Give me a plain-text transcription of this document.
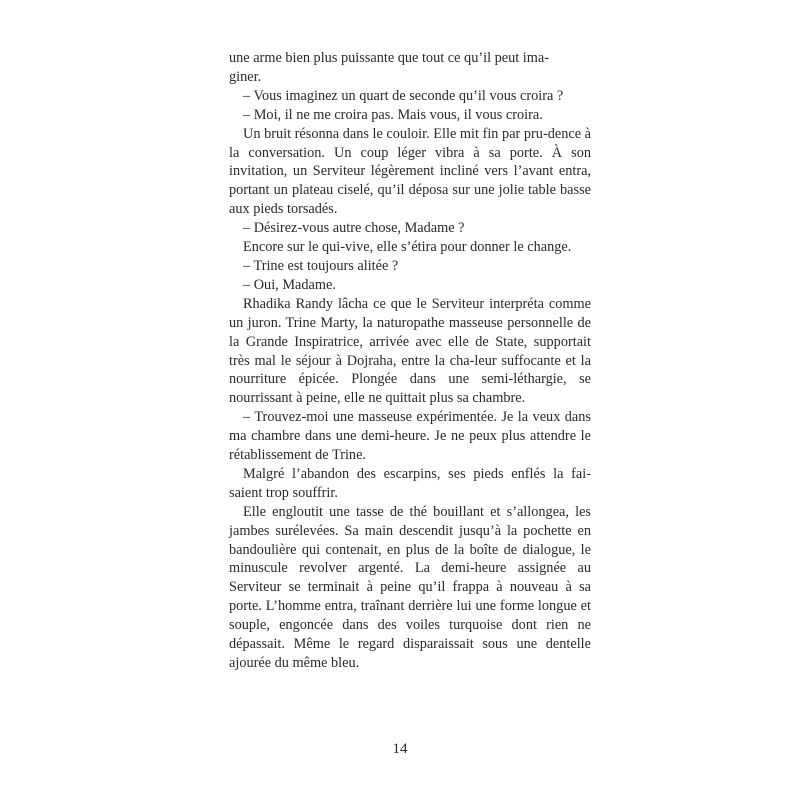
une arme bien plus puissante que tout ce qu’il peut ima-
giner.

– Vous imaginez un quart de seconde qu’il vous croira ?

– Moi, il ne me croira pas. Mais vous, il vous croira.

Un bruit résonna dans le couloir. Elle mit fin par pru-dence à la conversation. Un coup léger vibra à sa porte. À son invitation, un Serviteur légèrement incliné vers l’avant entra, portant un plateau ciselé, qu’il déposa sur une jolie table basse aux pieds torsadés.

– Désirez-vous autre chose, Madame ?

Encore sur le qui-vive, elle s’étira pour donner le change.

– Trine est toujours alitée ?

– Oui, Madame.

Rhadika Randy lâcha ce que le Serviteur interpréta comme un juron. Trine Marty, la naturopathe masseuse personnelle de la Grande Inspiratrice, arrivée avec elle de State, supportait très mal le séjour à Dojraha, entre la cha-leur suffocante et la nourriture épicée. Plongée dans une semi-léthargie, se nourrissant à peine, elle ne quittait plus sa chambre.

– Trouvez-moi une masseuse expérimentée. Je la veux dans ma chambre dans une demi-heure. Je ne peux plus attendre le rétablissement de Trine.

Malgré l’abandon des escarpins, ses pieds enflés la fai-saient trop souffrir.

Elle engloutit une tasse de thé bouillant et s’allongea, les jambes surélevées. Sa main descendit jusqu’à la pochette en bandoulière qui contenait, en plus de la boîte de dialogue, le minuscule revolver argenté. La demi-heure assignée au Serviteur se terminait à peine qu’il frappa à nouveau à sa porte. L’homme entra, traînant derrière lui une forme longue et souple, engoncée dans des voiles turquoise dont rien ne dépassait. Même le regard disparaissait sous une dentelle ajourée du même bleu.

14
